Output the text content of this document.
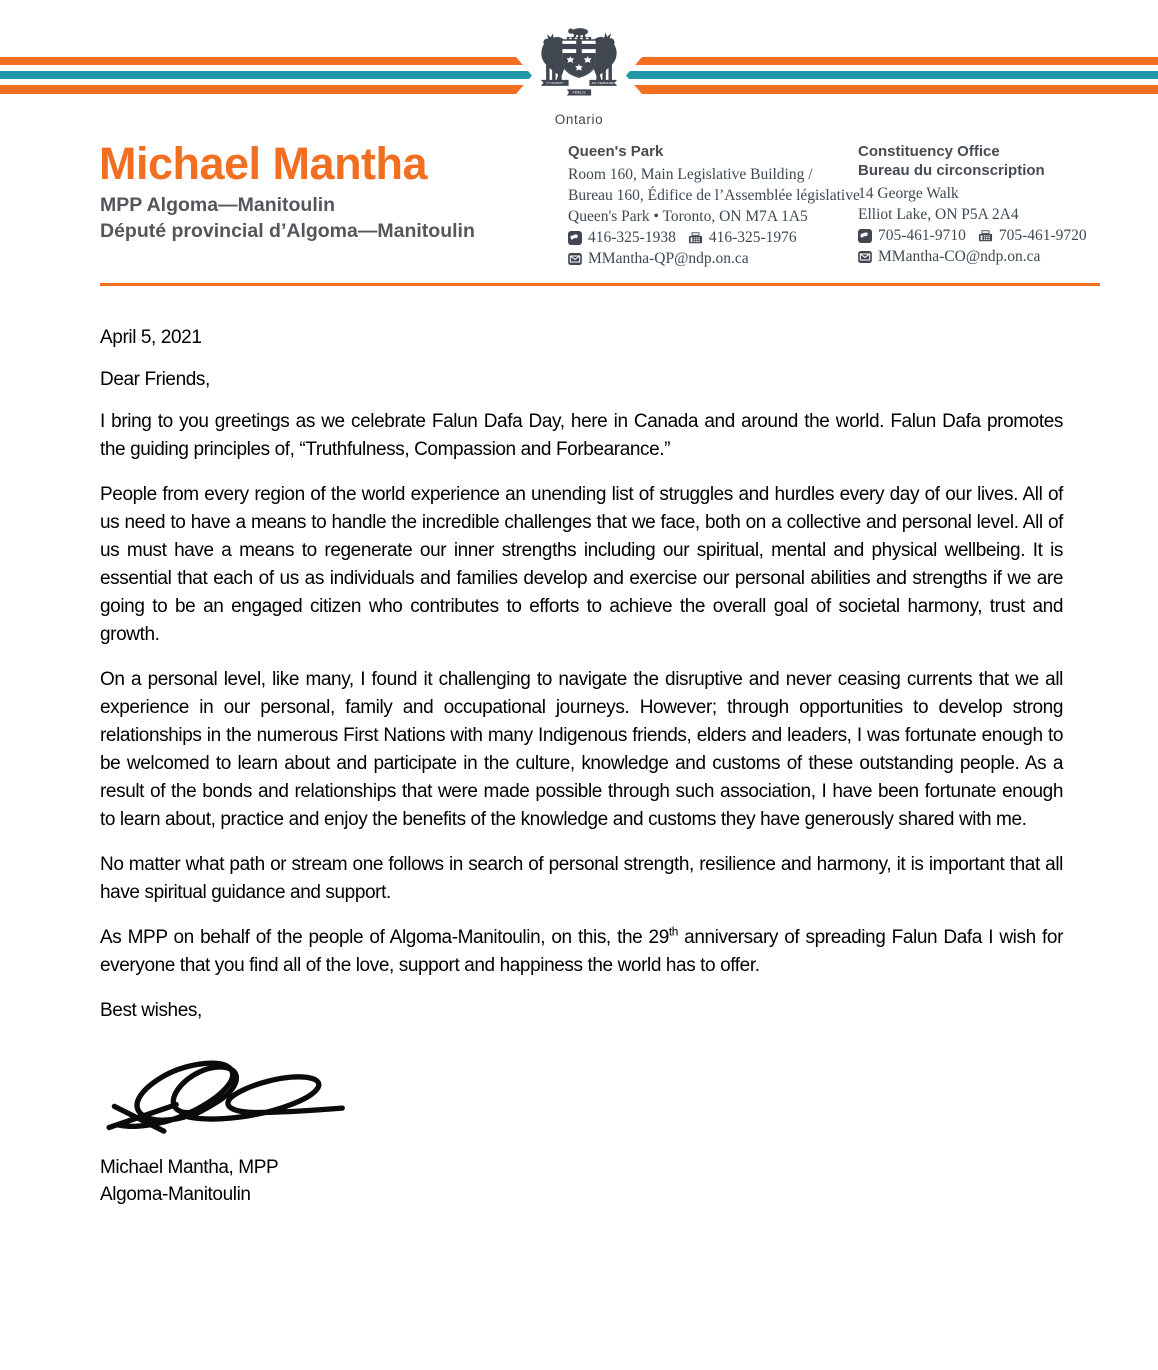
VT INCEPIT	SIC PERMANET
FIDELIS
Ontario
Michael Mantha
MPP Algoma—Manitoulin
Député provincial d’Algoma—Manitoulin
Queen's Park
Room 160, Main Legislative Building /
Bureau 160, Édifice de l’Assemblée législative
Queen's Park • Toronto, ON M7A 1A5
416-325-1938 416-325-1976
MMantha-QP@ndp.on.ca
Constituency Office
Bureau du circonscription
14 George Walk
Elliot Lake, ON P5A 2A4
705-461-9710 705-461-9720
MMantha-CO@ndp.on.ca

April 5, 2021

Dear Friends,

I bring to you greetings as we celebrate Falun Dafa Day, here in Canada and around the world. Falun Dafa promotes the guiding principles of, “Truthfulness, Compassion and Forbearance.”

People from every region of the world experience an unending list of struggles and hurdles every day of our lives. All of us need to have a means to handle the incredible challenges that we face, both on a collective and personal level. All of us must have a means to regenerate our inner strengths including our spiritual, mental and physical wellbeing. It is essential that each of us as individuals and families develop and exercise our personal abilities and strengths if we are going to be an engaged citizen who contributes to efforts to achieve the overall goal of societal harmony, trust and growth.

On a personal level, like many, I found it challenging to navigate the disruptive and never ceasing currents that we all experience in our personal, family and occupational journeys. However; through opportunities to develop strong relationships in the numerous First Nations with many Indigenous friends, elders and leaders, I was fortunate enough to be welcomed to learn about and participate in the culture, knowledge and customs of these outstanding people. As a result of the bonds and relationships that were made possible through such association, I have been fortunate enough to learn about, practice and enjoy the benefits of the knowledge and customs they have generously shared with me.

No matter what path or stream one follows in search of personal strength, resilience and harmony, it is important that all have spiritual guidance and support.

As MPP on behalf of the people of Algoma-Manitoulin, on this, the 29th anniversary of spreading Falun Dafa I wish for everyone that you find all of the love, support and happiness the world has to offer.

Best wishes,

Michael Mantha, MPP
Algoma-Manitoulin
